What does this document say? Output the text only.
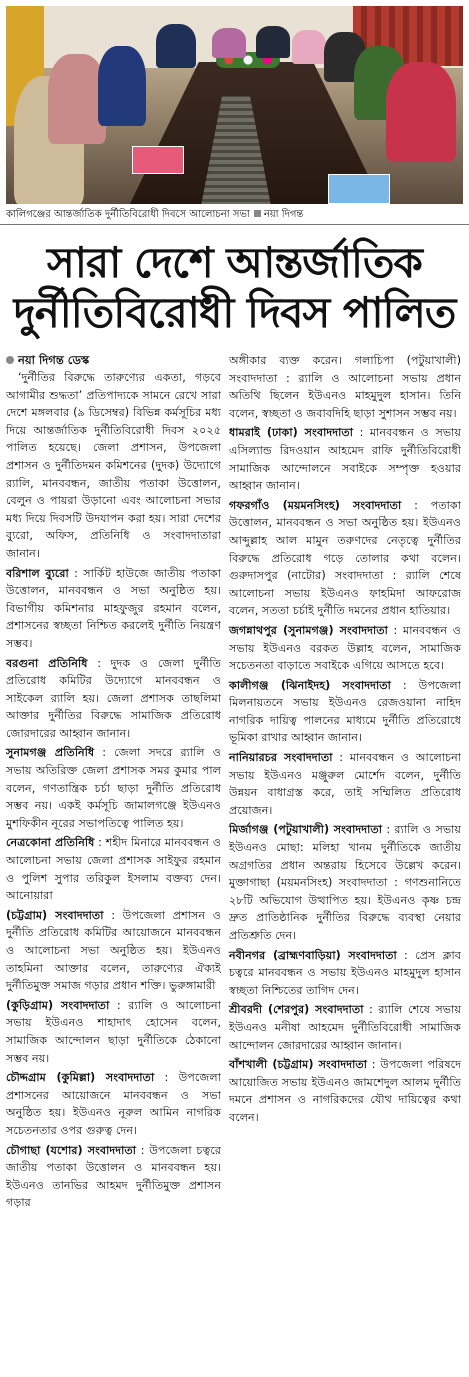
কালিগঞ্জের আন্তর্জাতিক দুর্নীতিবিরোধী দিবসে আলোচনা সভা নয়া দিগন্ত
সারা দেশে আন্তর্জাতিক
দুর্নীতিবিরোধী দিবস পালিত
নয়া দিগন্ত ডেস্ক

‘দুর্নীতির বিরুদ্ধে তারুণ্যের একতা, গড়বে আগামীর শুদ্ধতা’ প্রতিপাদ্যকে সামনে রেখে সারা দেশে মঙ্গলবার (৯ ডিসেম্বর) বিভিন্ন কর্মসূচির মধ্য দিয়ে আন্তর্জাতিক দুর্নীতিবিরোধী দিবস ২০২৫ পালিত হয়েছে। জেলা প্রশাসন, উপজেলা প্রশাসন ও দুর্নীতিদমন কমিশনের (দুদক) উদ্যোগে র‍্যালি, মানববন্ধন, জাতীয় পতাকা উত্তোলন, বেলুন ও পায়রা উড়ানো এবং আলোচনা সভার মধ্য দিয়ে দিবসটি উদযাপন করা হয়। সারা দেশের ব্যুরো, অফিস, প্রতিনিধি ও সংবাদদাতারা জানান।

বরিশাল ব্যুরো : সার্কিট হাউজে জাতীয় পতাকা উত্তোলন, মানববন্ধন ও সভা অনুষ্ঠিত হয়। বিভাগীয় কমিশনার মাহফুজুর রহমান বলেন, প্রশাসনের স্বচ্ছতা নিশ্চিত করলেই দুর্নীতি নিয়ন্ত্রণ সম্ভব।

বরগুনা প্রতিনিধি : দুদক ও জেলা দুর্নীতি প্রতিরোধ কমিটির উদ্যোগে মানববন্ধন ও সাইকেল র‍্যালি হয়। জেলা প্রশাসক তাছলিমা আক্তার দুর্নীতির বিরুদ্ধে সামাজিক প্রতিরোধ জোরদারের আহ্বান জানান।

সুনামগঞ্জ প্রতিনিধি : জেলা সদরে র‍্যালি ও সভায় অতিরিক্ত জেলা প্রশাসক সমর কুমার পাল বলেন, গণতান্ত্রিক চর্চা ছাড়া দুর্নীতি প্রতিরোধ সম্ভব নয়। একই কর্মসূচি জামালগঞ্জে ইউএনও মুশফিকীন নূরের সভাপতিত্বে পালিত হয়।

নেত্রকোনা প্রতিনিধি : শহীদ মিনারে মানববন্ধন ও আলোচনা সভায় জেলা প্রশাসক সাইফুর রহমান ও পুলিশ সুপার তরিকুল ইসলাম বক্তব্য দেন। আনোয়ারা

(চট্টগ্রাম) সংবাদদাতা : উপজেলা প্রশাসন ও দুর্নীতি প্রতিরোধ কমিটির আয়োজনে মানববন্ধন ও আলোচনা সভা অনুষ্ঠিত হয়। ইউএনও তাহমিনা আক্তার বলেন, তারুণ্যের ঐক্যই দুর্নীতিমুক্ত সমাজ গড়ার প্রধান শক্তি। ভুরুঙ্গামারী

(কুড়িগ্রাম) সংবাদদাতা : র‍্যালি ও আলোচনা সভায় ইউএনও শাহাদাৎ হোসেন বলেন, সামাজিক আন্দোলন ছাড়া দুর্নীতিকে ঠেকানো সম্ভব নয়।

চৌদ্দগ্রাম (কুমিল্লা) সংবাদদাতা : উপজেলা প্রশাসনের আয়োজনে মানববন্ধন ও সভা অনুষ্ঠিত হয়। ইউএনও নূরুল আমিন নাগরিক সচেতনতার ওপর গুরুত্ব দেন।

চৌগাছা (যশোর) সংবাদদাতা : উপজেলা চত্বরে জাতীয় পতাকা উত্তোলন ও মানববন্ধন হয়। ইউএনও তানভির আহমদ দুর্নীতিমুক্ত প্রশাসন গড়ার

অঙ্গীকার ব্যক্ত করেন। গলাচিপা (পটুয়াখালী) সংবাদদাতা : র‍্যালি ও আলোচনা সভায় প্রধান অতিথি ছিলেন ইউএনও মাহমুদুল হাসান। তিনি বলেন, স্বচ্ছতা ও জবাবদিহি ছাড়া সুশাসন সম্ভব নয়।

ধামরাই (ঢাকা) সংবাদদাতা : মানববন্ধন ও সভায় এসিল্যান্ড রিদওয়ান আহমেদ রাফি দুর্নীতিবিরোধী সামাজিক আন্দোলনে সবাইকে সম্পৃক্ত হওয়ার আহ্বান জানান।

গফরগাঁও (ময়মনসিংহ) সংবাদদাতা : পতাকা উত্তোলন, মানববন্ধন ও সভা অনুষ্ঠিত হয়। ইউএনও আব্দুল্লাহ আল মামুন তরুণদের নেতৃত্বে দুর্নীতির বিরুদ্ধে প্রতিরোধ গড়ে তোলার কথা বলেন। গুরুদাসপুর (নাটোর) সংবাদদাতা : র‍্যালি শেষে আলোচনা সভায় ইউএনও ফাহমিদা আফরোজ বলেন, সততা চর্চাই দুর্নীতি দমনের প্রধান হাতিয়ার।

জগন্নাথপুর (সুনামগঞ্জ) সংবাদদাতা : মানববন্ধন ও সভায় ইউএনও বরকত উল্লাহ বলেন, সামাজিক সচেতনতা বাড়াতে সবাইকে এগিয়ে আসতে হবে।

কালীগঞ্জ (ঝিনাইদহ) সংবাদদাতা : উপজেলা মিলনায়তনে সভায় ইউএনও রেজওয়ানা নাহিদ নাগরিক দায়িত্ব পালনের মাধ্যমে দুর্নীতি প্রতিরোধে ভূমিকা রাখার আহ্বান জানান।

নানিয়ারচর সংবাদদাতা : মানববন্ধন ও আলোচনা সভায় ইউএনও মঞ্জুরুল মোর্শেদ বলেন, দুর্নীতি উন্নয়ন বাধাগ্রস্ত করে, তাই সম্মিলিত প্রতিরোধ প্রয়োজন।

মির্জাগঞ্জ (পটুয়াখালী) সংবাদদাতা : র‍্যালি ও সভায় ইউএনও মোছা: মলিহা খানম দুর্নীতিকে জাতীয় অগ্রগতির প্রধান অন্তরায় হিসেবে উল্লেখ করেন। মুক্তাগাছা (ময়মনসিংহ) সংবাদদাতা : গণশুনানিতে ২৮টি অভিযোগ উত্থাপিত হয়। ইউএনও কৃষ্ণ চন্দ্র দ্রুত প্রাতিষ্ঠানিক দুর্নীতির বিরুদ্ধে ব্যবস্থা নেয়ার প্রতিশ্রুতি দেন।

নবীনগর (ব্রাহ্মণবাড়িয়া) সংবাদদাতা : প্রেস ক্লাব চত্বরে মানববন্ধন ও সভায় ইউএনও মাহমুদুল হাসান স্বচ্ছতা নিশ্চিতের তাগিদ দেন।

শ্রীবরদী (শেরপুর) সংবাদদাতা : র‍্যালি শেষে সভায় ইউএনও মনীষা আহমেদ দুর্নীতিবিরোধী সামাজিক আন্দোলন জোরদারের আহ্বান জানান।

বাঁশখালী (চট্টগ্রাম) সংবাদদাতা : উপজেলা পরিষদে আয়োজিত সভায় ইউএনও জামশেদুল আলম দুর্নীতি দমনে প্রশাসন ও নাগরিকদের যৌথ দায়িত্বের কথা বলেন।
